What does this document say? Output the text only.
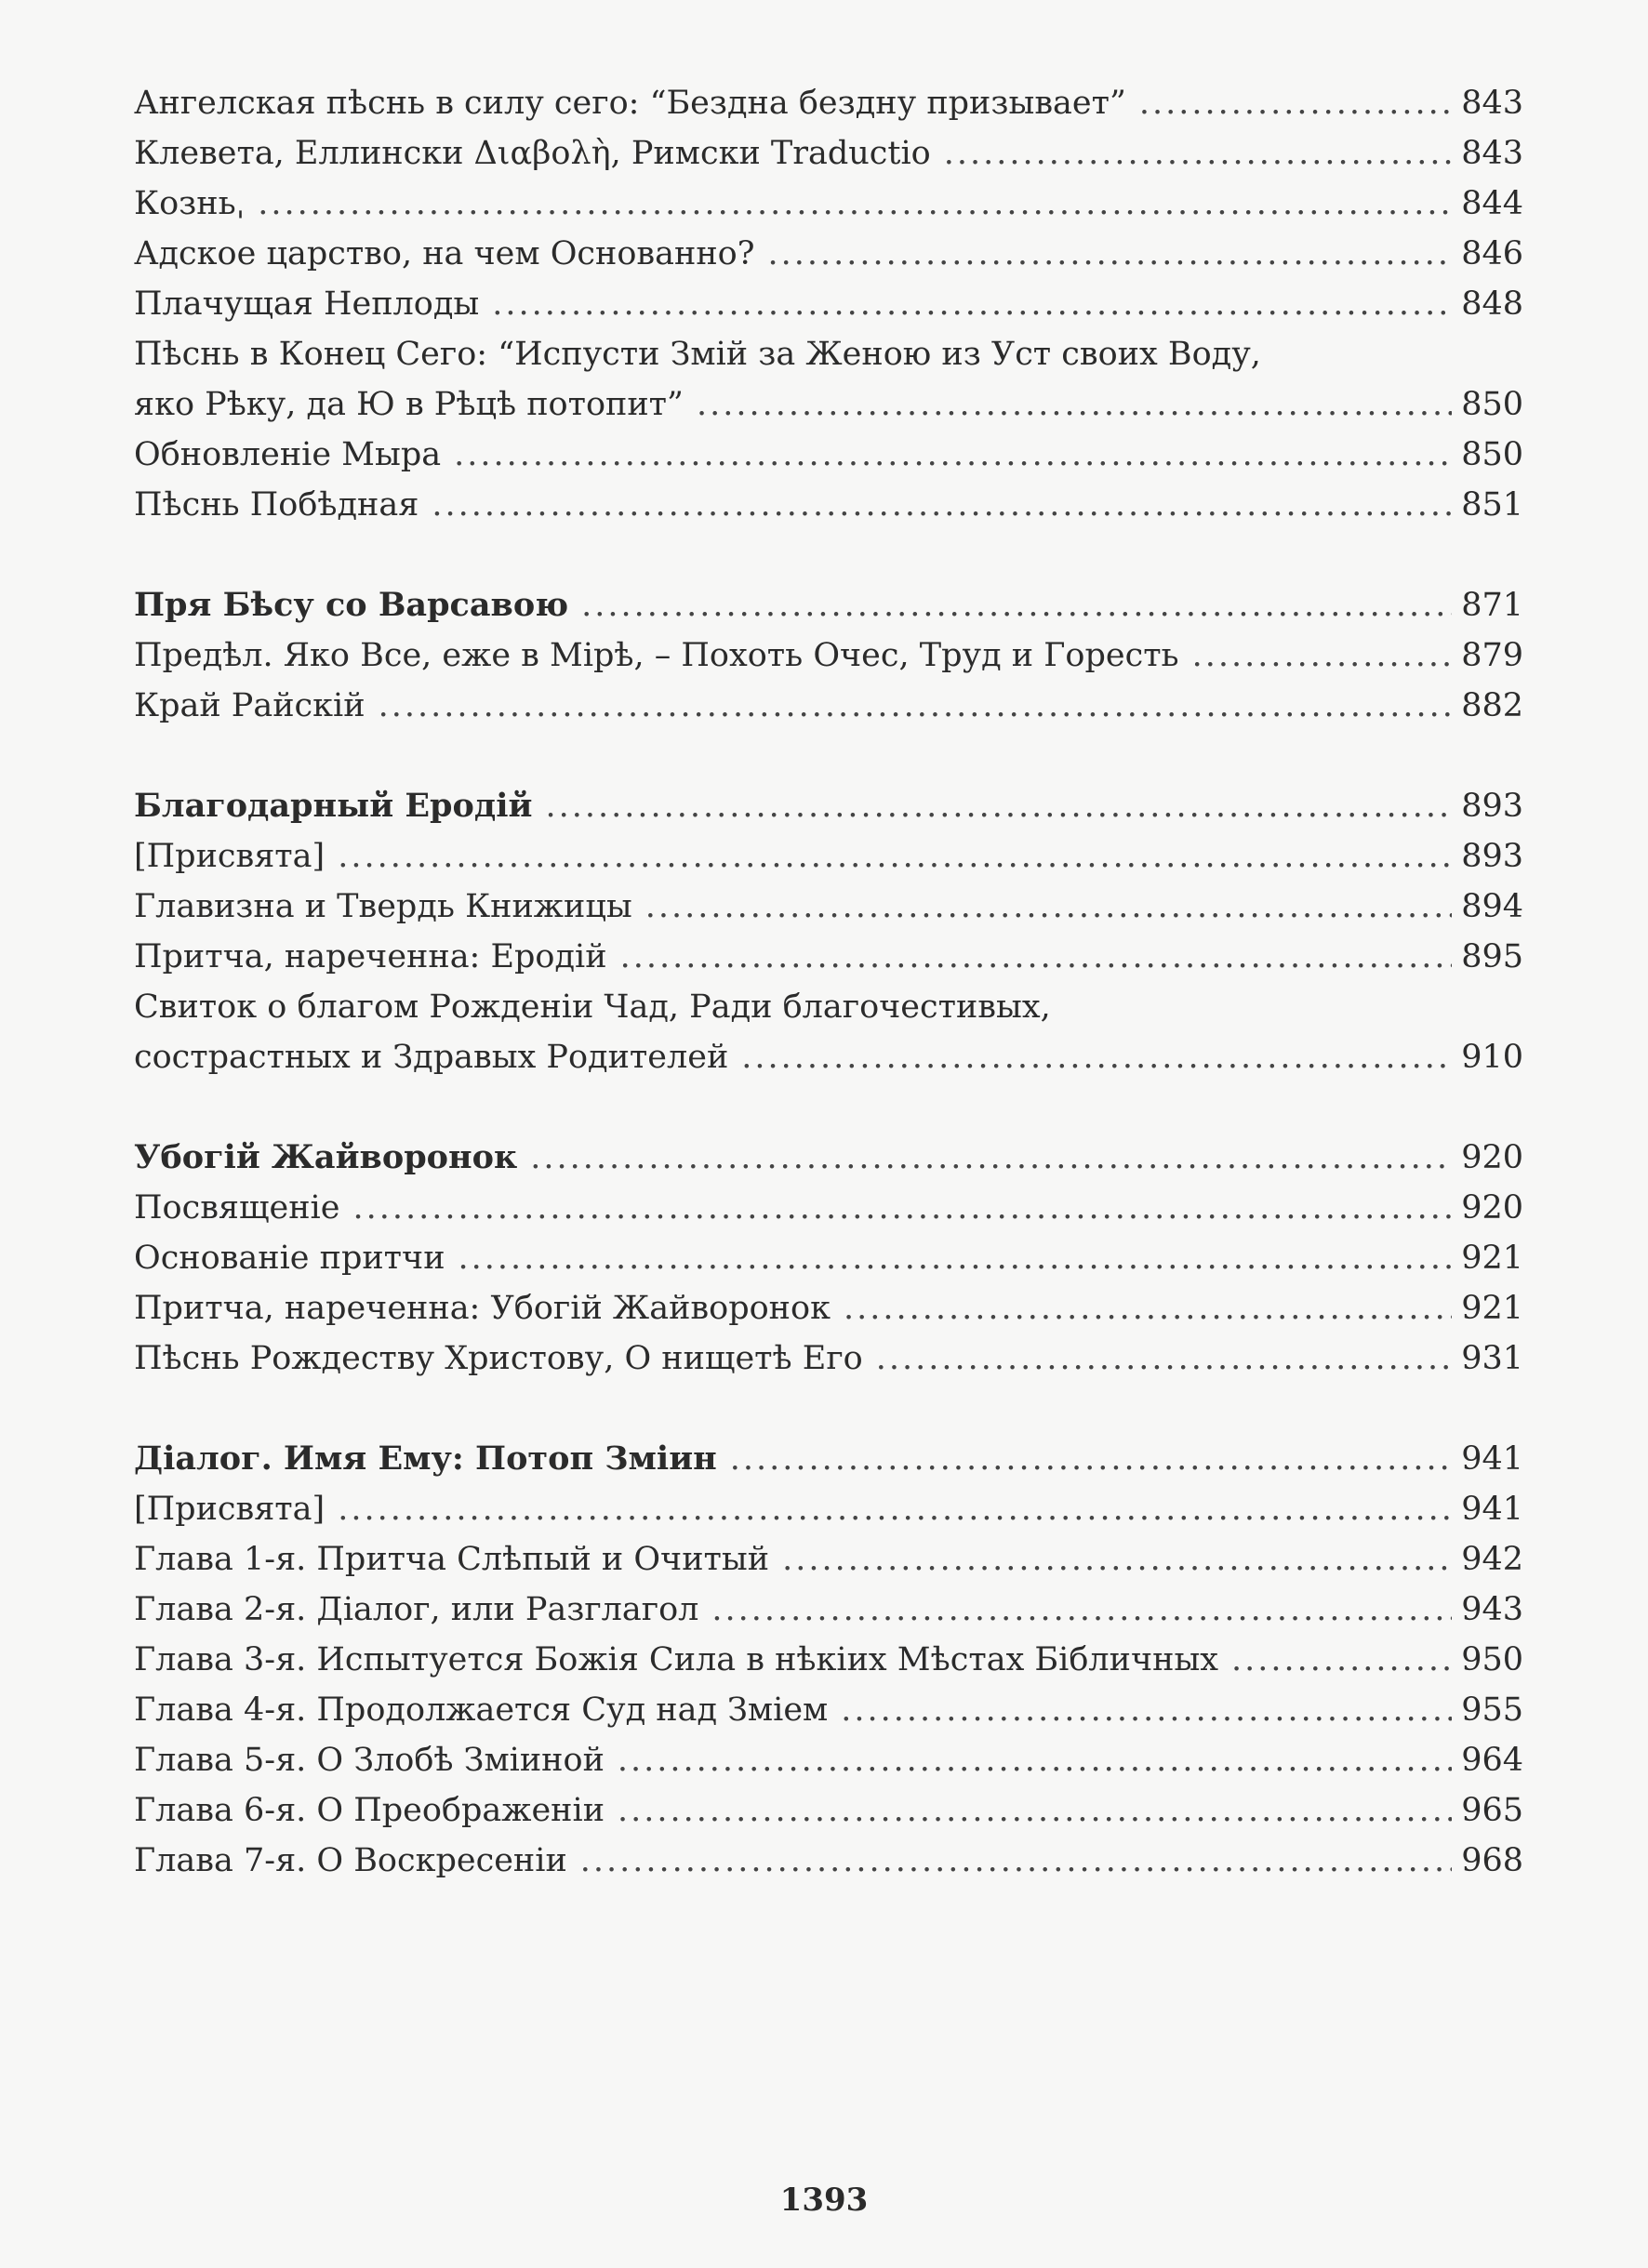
Ангелская пѣснь в силу сего: “Бездна бездну призывает” .....	843
Клевета, Еллински Διαβολὴ, Римски Traductio .....	843
Козньˌ .....	844
Адское царство, на чем Основанно? .....	846
Плачущая Неплоды .....	848
Пѣснь в Конец Сего: “Испусти Змій за Женою из Уст своих Воду,
яко Рѣку, да Ю в Рѣцѣ потопит” .....	850
Обновленіе Мыра .....	850
Пѣснь Побѣдная .....	851
Пря Бѣсу со Варсавою .....	871
Предѣл. Яко Все, еже в Мірѣ, – Похоть Очес, Труд и Горесть .....	879
Край Райскій .....	882
Благодарный Еродій .....	893
[Присвята] .....	893
Главизна и Твердь Книжицы .....	894
Притча, нареченна: Еродій .....	895
Свиток о благом Рожденіи Чад, Ради благочестивых,
сострастных и Здравых Родителей .....	910
Убогій Жайворонок .....	920
Посвященіе .....	920
Основаніе притчи .....	921
Притча, нареченна: Убогій Жайворонок .....	921
Пѣснь Рождеству Христову, О нищетѣ Его .....	931
Діалог. Имя Ему: Потоп Зміин .....	941
[Присвята] .....	941
Глава 1-я. Притча Слѣпый и Очитый .....	942
Глава 2-я. Діалог, или Разглагол .....	943
Глава 3-я. Испытуется Божія Сила в нѣкіих Мѣстах Бібличных .....	950
Глава 4-я. Продолжается Суд над Зміем .....	955
Глава 5-я. О Злобѣ Зміиной .....	964
Глава 6-я. О Преображеніи .....	965
Глава 7-я. О Воскресеніи .....	968
1393
